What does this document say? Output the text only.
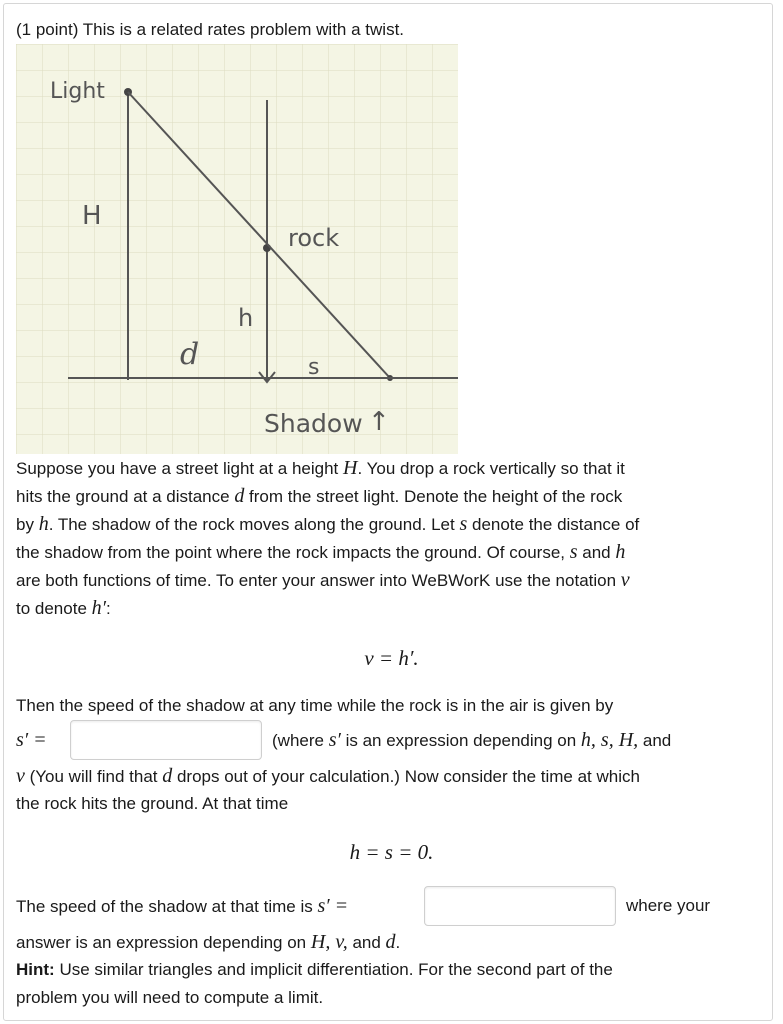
(1 point) This is a related rates problem with a twist.
Light
H
rock
h
d	s
Shadow ↑
Suppose you have a street light at a height H. You drop a rock vertically so that it
hits the ground at a distance d from the street light. Denote the height of the rock
by h. The shadow of the rock moves along the ground. Let s denote the distance of
the shadow from the point where the rock impacts the ground. Of course, s and h
are both functions of time. To enter your answer into WeBWorK use the notation v
to denote h′:
v = h′.
Then the speed of the shadow at any time while the rock is in the air is given by
s′ =	(where s′ is an expression depending on h, s, H, and
v (You will find that d drops out of your calculation.) Now consider the time at which
the rock hits the ground. At that time
h = s = 0.
The speed of the shadow at that time is s′ =	where your
answer is an expression depending on H, v, and d.
Hint: Use similar triangles and implicit differentiation. For the second part of the
problem you will need to compute a limit.
